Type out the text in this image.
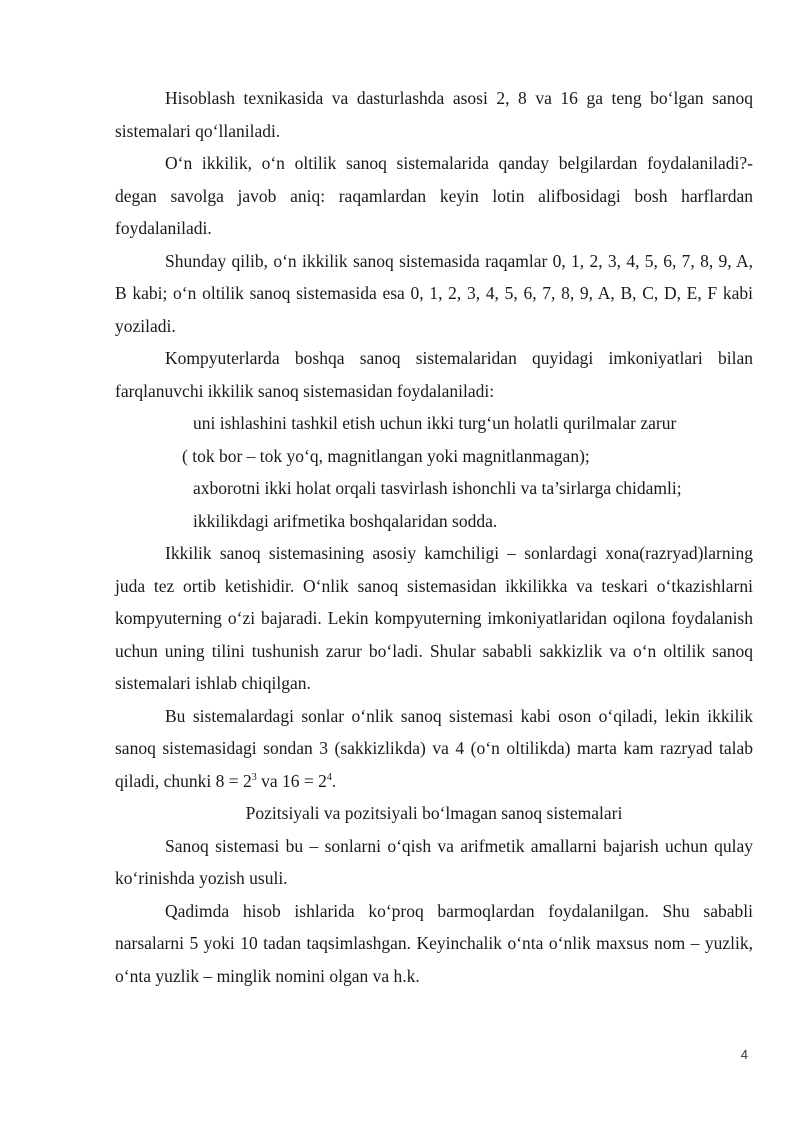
Hisoblash texnikasida va dasturlashda asosi 2, 8 va 16 ga teng bo‘lgan sanoq sistemalari qo‘llaniladi.

O‘n ikkilik, o‘n oltilik sanoq sistemalarida qanday belgilardan foydalaniladi?- degan savolga javob aniq: raqamlardan keyin lotin alifbosidagi bosh harflardan foydalaniladi.

Shunday qilib, o‘n ikkilik sanoq sistemasida raqamlar 0, 1, 2, 3, 4, 5, 6, 7, 8, 9, A, B kabi; o‘n oltilik sanoq sistemasida esa 0, 1, 2, 3, 4, 5, 6, 7, 8, 9, A, B, C, D, E, F kabi yoziladi.

Kompyuterlarda boshqa sanoq sistemalaridan quyidagi imkoniyatlari bilan farqlanuvchi ikkilik sanoq sistemasidan foydalaniladi:

uni ishlashini tashkil etish uchun ikki turg‘un holatli qurilmalar zarur
( tok bor – tok yo‘q, magnitlangan yoki magnitlanmagan);
axborotni ikki holat orqali tasvirlash ishonchli va ta’sirlarga chidamli;
ikkilikdagi arifmetika boshqalaridan sodda.

Ikkilik sanoq sistemasining asosiy kamchiligi – sonlardagi xona(razryad)larning juda tez ortib ketishidir. O‘nlik sanoq sistemasidan ikkilikka va teskari o‘tkazishlarni kompyuterning o‘zi bajaradi. Lekin kompyuterning imkoniyatlaridan oqilona foydalanish uchun uning tilini tushunish zarur bo‘ladi. Shular sababli sakkizlik va o‘n oltilik sanoq sistemalari ishlab chiqilgan.

Bu sistemalardagi sonlar o‘nlik sanoq sistemasi kabi oson o‘qiladi, lekin ikkilik sanoq sistemasidagi sondan 3 (sakkizlikda) va 4 (o‘n oltilikda) marta kam razryad talab qiladi, chunki $8 = 2^3$ va $16 = 2^4$.

Pozitsiyali va pozitsiyali bo‘lmagan sanoq sistemalari

Sanoq sistemasi bu – sonlarni o‘qish va arifmetik amallarni bajarish uchun qulay ko‘rinishda yozish usuli.

Qadimda hisob ishlarida ko‘proq barmoqlardan foydalanilgan. Shu sababli narsalarni 5 yoki 10 tadan taqsimlashgan. Keyinchalik o‘nta o‘nlik maxsus nom – yuzlik, o‘nta yuzlik – minglik nomini olgan va h.k.

4
